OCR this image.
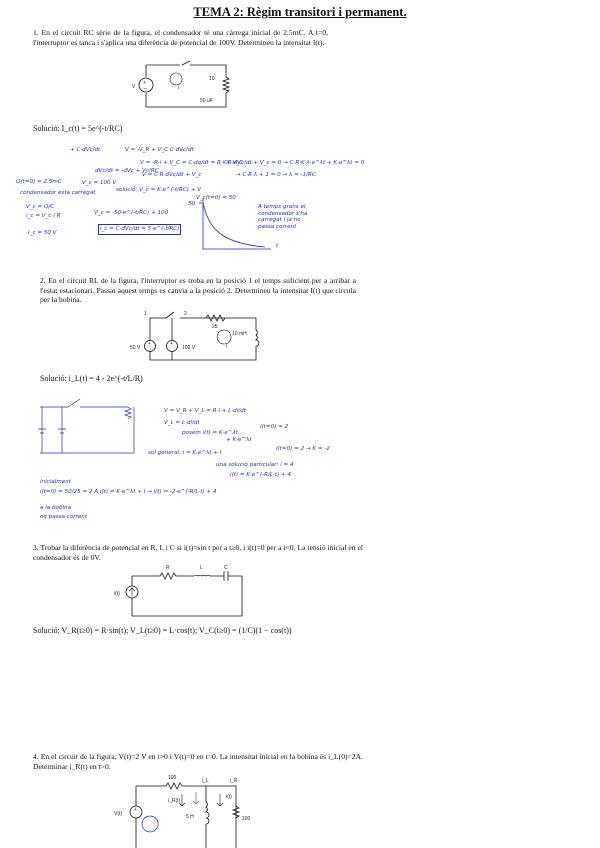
TEMA 2: Règim transitori i permanent.
1. En el circuit RC sèrie de la figura, el condensador té una càrrega inicial de 2.5mC. A t=0, l'interruptor es tanca i s'aplica una diferència de potencial de 100V. Determineu la intensitat I(t).
+
–
V	i
10
50 uF
Solució: I_c(t) = 5e^(-t/RC)
+ C·dVc/dt	V = -V_R + V_C C·dVc/dt
V = -R·i + V_C = C·dq/dt = R·i + V_C
Q(t=0) = 2.5mC
condensador està carregat
V_c = Q/C
i_c = V_c / R
I_c = 50 V
V_c = 100 V
dVc/dt = -dVc + Vc/RC
V = C·R·dVc/dt + V_c
solució: V_c = K·e^(-t/RC) + V
V_c(t=0) = 50
V_c = -50·e^(-t/RC) + 100
i_c = C·dVc/dt = 5·e^(-t/RC)
CR·dVc/dt + V_c = 0 → C·R·K·λ·e^λt + K·e^λt = 0
→ C·R·λ + 1 = 0 → λ = -1/RC
50
t
A temps grans el condensador s'ha carregat i ja no passa corrent
2. En el circuit RL de la figura, l'interruptor es troba en la posició 1 el temps suficient per a arribar a l'estat estacionari. Passat aquest temps es canvia a la posició 2. Determineu la intensitat I(t) que circula per la bobina.
+	+
1	2
25
10 mH
50 V	100 V	i
Solució: i_L(t) = 4 - 2e^(-t/L/R)
V = V_R + V_L = R·i + L·di/dt
V_L = L·di/dt
posem i(t) = K·e^λt
+ K·e^λt
sol general: i = K·e^λt + I
i(t=0) = 2
una solució particular: i = 4
i(t) = K·e^(-R/L·t) + 4
i(t=0) = 2 → K = -2
inicialment
i(t=0) = 50/25 = 2 A
a la bobina
no passa corrent
i(t) = K·e^λt + I → i(t) = -2·e^(-R/L·t) + 4
3. Trobar la diferència de potencial en R, L i C si i(t)=sin t per a t≥0, i i(t)=0 per a t<0. La tensió inicial en el condensador és de 0V.
i(t)
R	L	C
Solució: V_R(t≥0) = R·sin(t); V_L(t≥0) = L·cos(t); V_C(t≥0) = (1/C)(1 − cos(t))
4. En el circuit de la figura, V(t)=2 V en t>0 i V(t)=0 en t=0. La intensitat inicial en la bobina és i_L(0)=2A. Determinar i_R(t) en t>0.
+
V(t)
100
i_R(t)
5 H
i_L	i_R
100
i(t)
